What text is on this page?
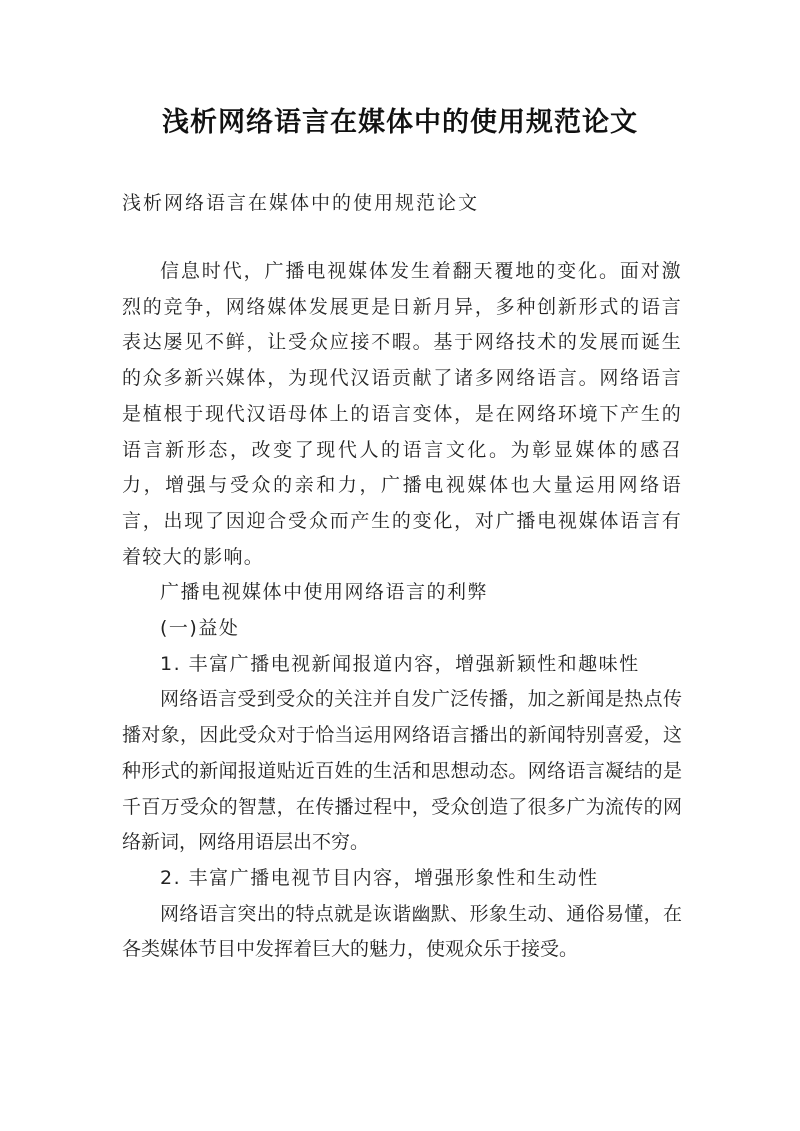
浅析网络语言在媒体中的使用规范论文
浅析网络语言在媒体中的使用规范论文

信息时代，广播电视媒体发生着翻天覆地的变化。面对激烈的竞争，网络媒体发展更是日新月异，多种创新形式的语言表达屡见不鲜，让受众应接不暇。基于网络技术的发展而诞生的众多新兴媒体，为现代汉语贡献了诸多网络语言。网络语言是植根于现代汉语母体上的语言变体，是在网络环境下产生的语言新形态，改变了现代人的语言文化。为彰显媒体的感召力，增强与受众的亲和力，广播电视媒体也大量运用网络语言，出现了因迎合受众而产生的变化，对广播电视媒体语言有着较大的影响。

广播电视媒体中使用网络语言的利弊

(一)益处

1. 丰富广播电视新闻报道内容，增强新颖性和趣味性

网络语言受到受众的关注并自发广泛传播，加之新闻是热点传播对象，因此受众对于恰当运用网络语言播出的新闻特别喜爱，这种形式的新闻报道贴近百姓的生活和思想动态。网络语言凝结的是千百万受众的智慧，在传播过程中，受众创造了很多广为流传的网络新词，网络用语层出不穷。

2. 丰富广播电视节目内容，增强形象性和生动性

网络语言突出的特点就是诙谐幽默、形象生动、通俗易懂，在各类媒体节目中发挥着巨大的魅力，使观众乐于接受。
